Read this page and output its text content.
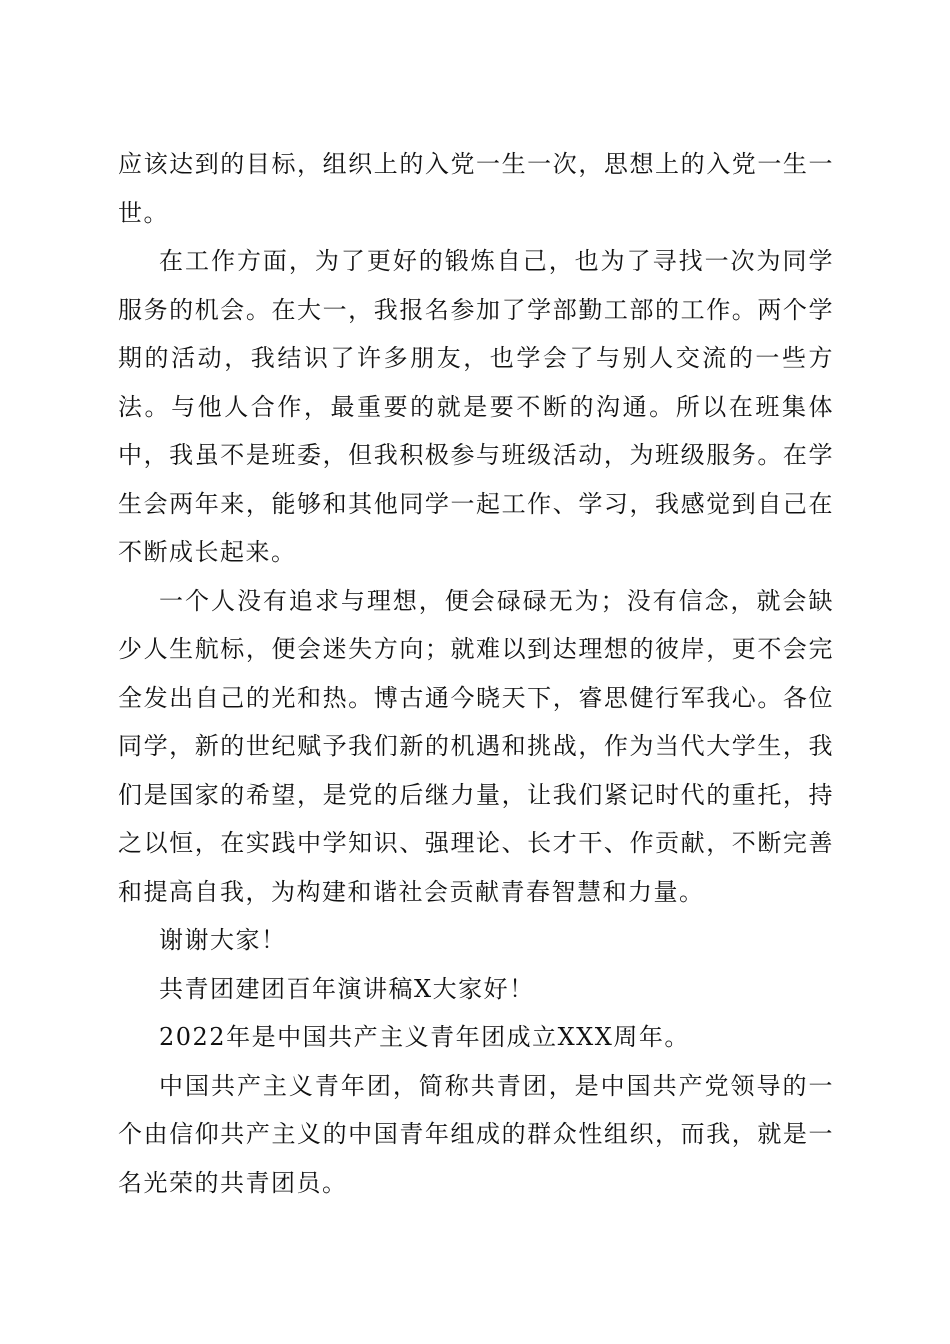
应该达到的目标，组织上的入党一生一次，思想上的入党一生一世。

在工作方面，为了更好的锻炼自己，也为了寻找一次为同学服务的机会。在大一，我报名参加了学部勤工部的工作。两个学期的活动，我结识了许多朋友，也学会了与别人交流的一些方法。与他人合作，最重要的就是要不断的沟通。所以在班集体中，我虽不是班委，但我积极参与班级活动，为班级服务。在学生会两年来，能够和其他同学一起工作、学习，我感觉到自己在不断成长起来。

一个人没有追求与理想，便会碌碌无为；没有信念，就会缺少人生航标，便会迷失方向；就难以到达理想的彼岸，更不会完全发出自己的光和热。博古通今晓天下，睿思健行军我心。各位同学，新的世纪赋予我们新的机遇和挑战，作为当代大学生，我们是国家的希望，是党的后继力量，让我们紧记时代的重托，持之以恒，在实践中学知识、强理论、长才干、作贡献，不断完善和提高自我，为构建和谐社会贡献青春智慧和力量。

谢谢大家！

共青团建团百年演讲稿X大家好！

2022年是中国共产主义青年团成立XXX周年。

中国共产主义青年团，简称共青团，是中国共产党领导的一个由信仰共产主义的中国青年组成的群众性组织，而我，就是一名光荣的共青团员。
